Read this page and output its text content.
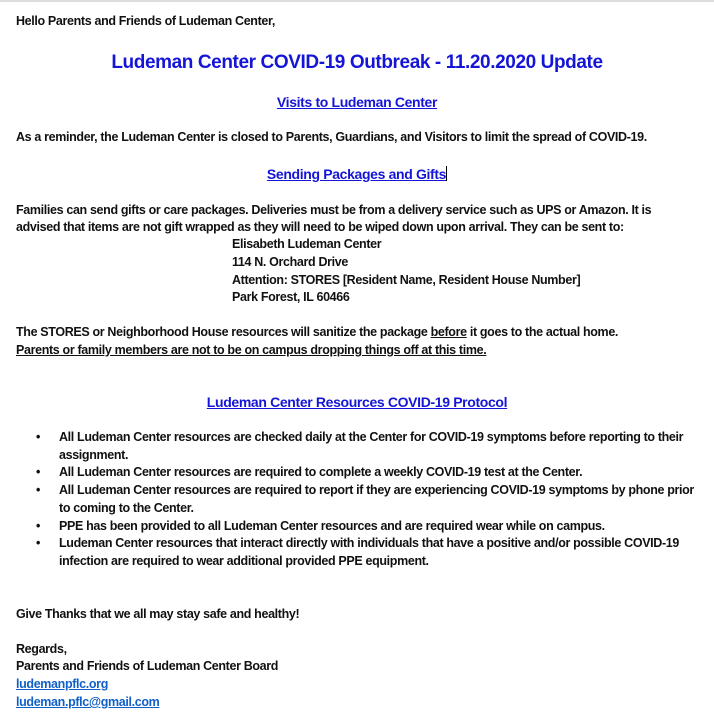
Hello Parents and Friends of Ludeman Center,
Ludeman Center COVID-19 Outbreak - 11.20.2020 Update
Visits to Ludeman Center
As a reminder, the Ludeman Center is closed to Parents, Guardians, and Visitors to limit the spread of COVID-19.
Sending Packages and Gifts
Families can send gifts or care packages. Deliveries must be from a delivery service such as UPS or Amazon. It is
advised that items are not gift wrapped as they will need to be wiped down upon arrival. They can be sent to:
Elisabeth Ludeman Center
114 N. Orchard Drive
Attention: STORES [Resident Name, Resident House Number]
Park Forest, IL 60466
The STORES or Neighborhood House resources will sanitize the package before it goes to the actual home.
Parents or family members are not to be on campus dropping things off at this time.
Ludeman Center Resources COVID-19 Protocol
• All Ludeman Center resources are checked daily at the Center for COVID-19 symptoms before reporting to their assignment.
• All Ludeman Center resources are required to complete a weekly COVID-19 test at the Center.
• All Ludeman Center resources are required to report if they are experiencing COVID-19 symptoms by phone prior to coming to the Center.
• PPE has been provided to all Ludeman Center resources and are required wear while on campus.
• Ludeman Center resources that interact directly with individuals that have a positive and/or possible COVID-19 infection are required to wear additional provided PPE equipment.
Give Thanks that we all may stay safe and healthy!
Regards,
Parents and Friends of Ludeman Center Board
ludemanpflc.org
ludeman.pflc@gmail.com
